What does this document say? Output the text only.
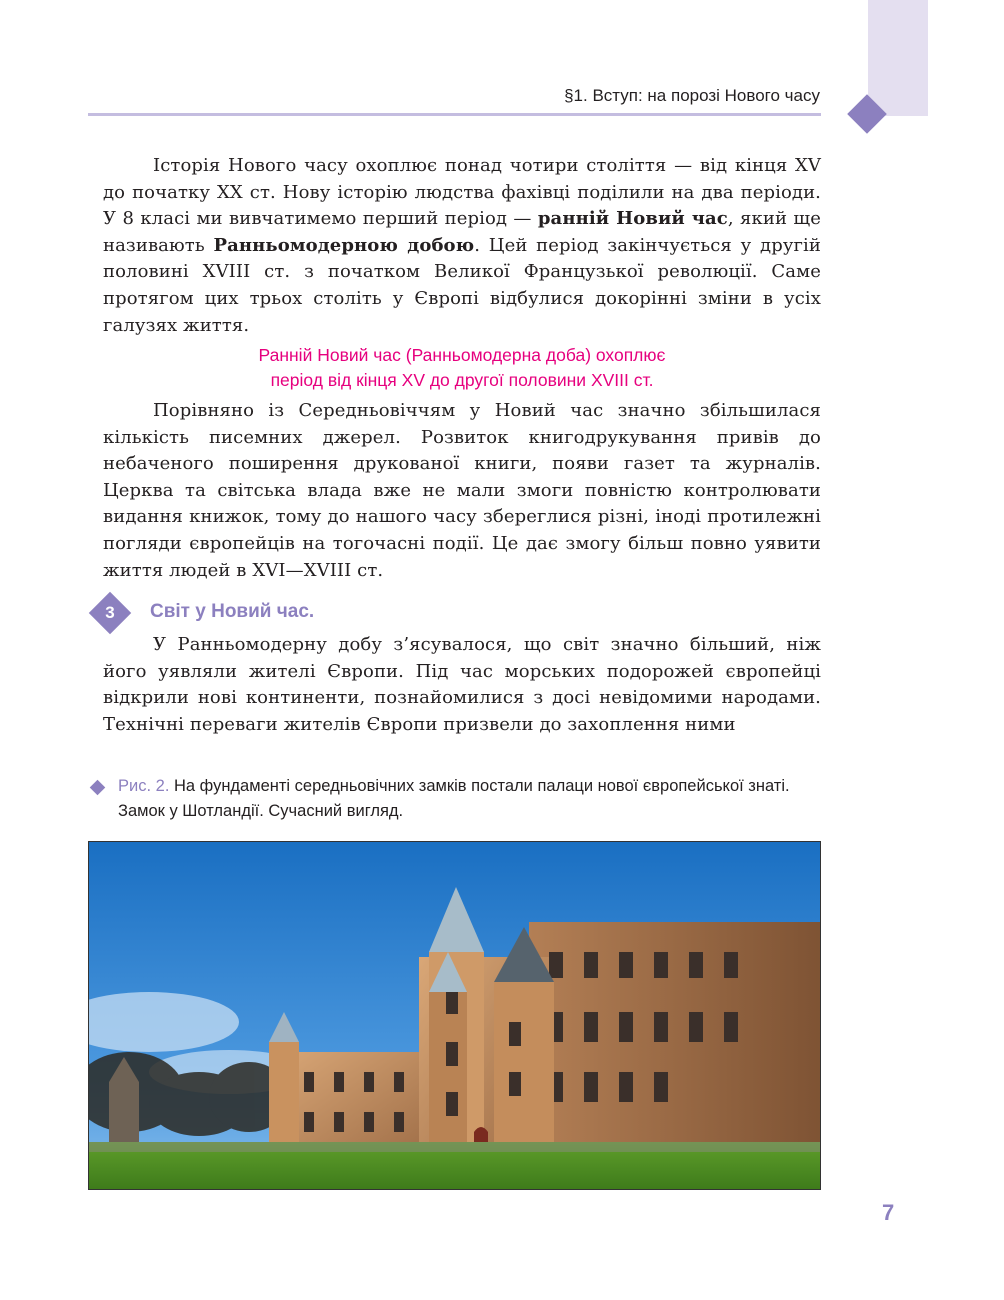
§1. Вступ: на порозі Нового часу

Історія Нового часу охоплює понад чотири століття — від кінця XV до початку XX ст. Нову історію людства фахівці поділили на два періоди. У 8 класі ми вивчатимемо перший період — ранній Новий час, який ще називають Ранньомодерною добою. Цей період закінчується у другій половині XVIII ст. з початком Великої Французької революції. Саме протягом цих трьох століть у Європі відбулися докорінні зміни в усіх галузях життя.

Ранній Новий час (Ранньомодерна доба) охоплює
період від кінця XV до другої половини XVIII ст.

Порівняно із Середньовіччям у Новий час значно збільшилася кількість писемних джерел. Розвиток книгодрукування привів до небаченого поширення друкованої книги, появи газет та журналів. Церква та світська влада вже не мали змоги повністю контролювати видання книжок, тому до нашого часу збереглися різні, іноді протилежні погляди європейців на тогочасні події. Це дає змогу більш повно уявити життя людей в XVI—XVIII ст.

3	Світ у Новий час.

У Ранньомодерну добу з’ясувалося, що світ значно більший, ніж його уявляли жителі Європи. Під час морських подорожей європейці відкрили нові континенти, познайомилися з досі невідомими народами. Технічні переваги жителів Європи призвели до захоплення ними

Рис. 2. На фундаменті середньовічних замків постали палаци нової європейської знаті. Замок у Шотландії. Сучасний вигляд.
7
